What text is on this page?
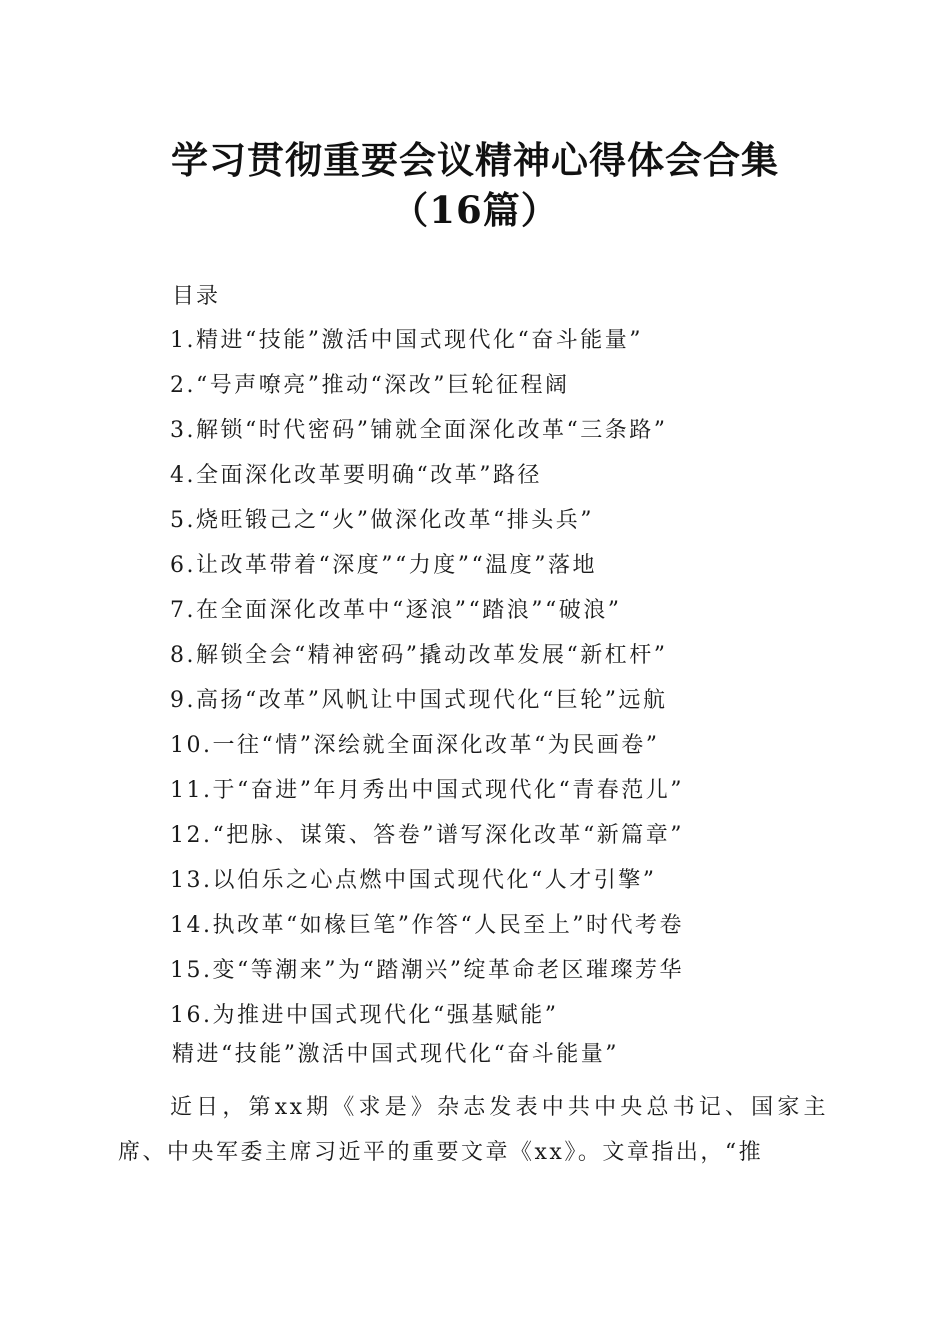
学习贯彻重要会议精神心得体会合集（16篇）
目录
1.精进“技能”激活中国式现代化“奋斗能量”
2.“号声嘹亮”推动“深改”巨轮征程阔
3.解锁“时代密码”铺就全面深化改革“三条路”
4.全面深化改革要明确“改革”路径
5.烧旺锻己之“火”做深化改革“排头兵”
6.让改革带着“深度”“力度”“温度”落地
7.在全面深化改革中“逐浪”“踏浪”“破浪”
8.解锁全会“精神密码”撬动改革发展“新杠杆”
9.高扬“改革”风帆让中国式现代化“巨轮”远航
10.一往“情”深绘就全面深化改革“为民画卷”
11.于“奋进”年月秀出中国式现代化“青春范儿”
12.“把脉、谋策、答卷”谱写深化改革“新篇章”
13.以伯乐之心点燃中国式现代化“人才引擎”
14.执改革“如椽巨笔”作答“人民至上”时代考卷
15.变“等潮来”为“踏潮兴”绽革命老区璀璨芳华
16.为推进中国式现代化“强基赋能”
精进“技能”激活中国式现代化“奋斗能量”

近日，第xx期《求是》杂志发表中共中央总书记、国家主席、中央军委主席习近平的重要文章《xx》。文章指出，“推
